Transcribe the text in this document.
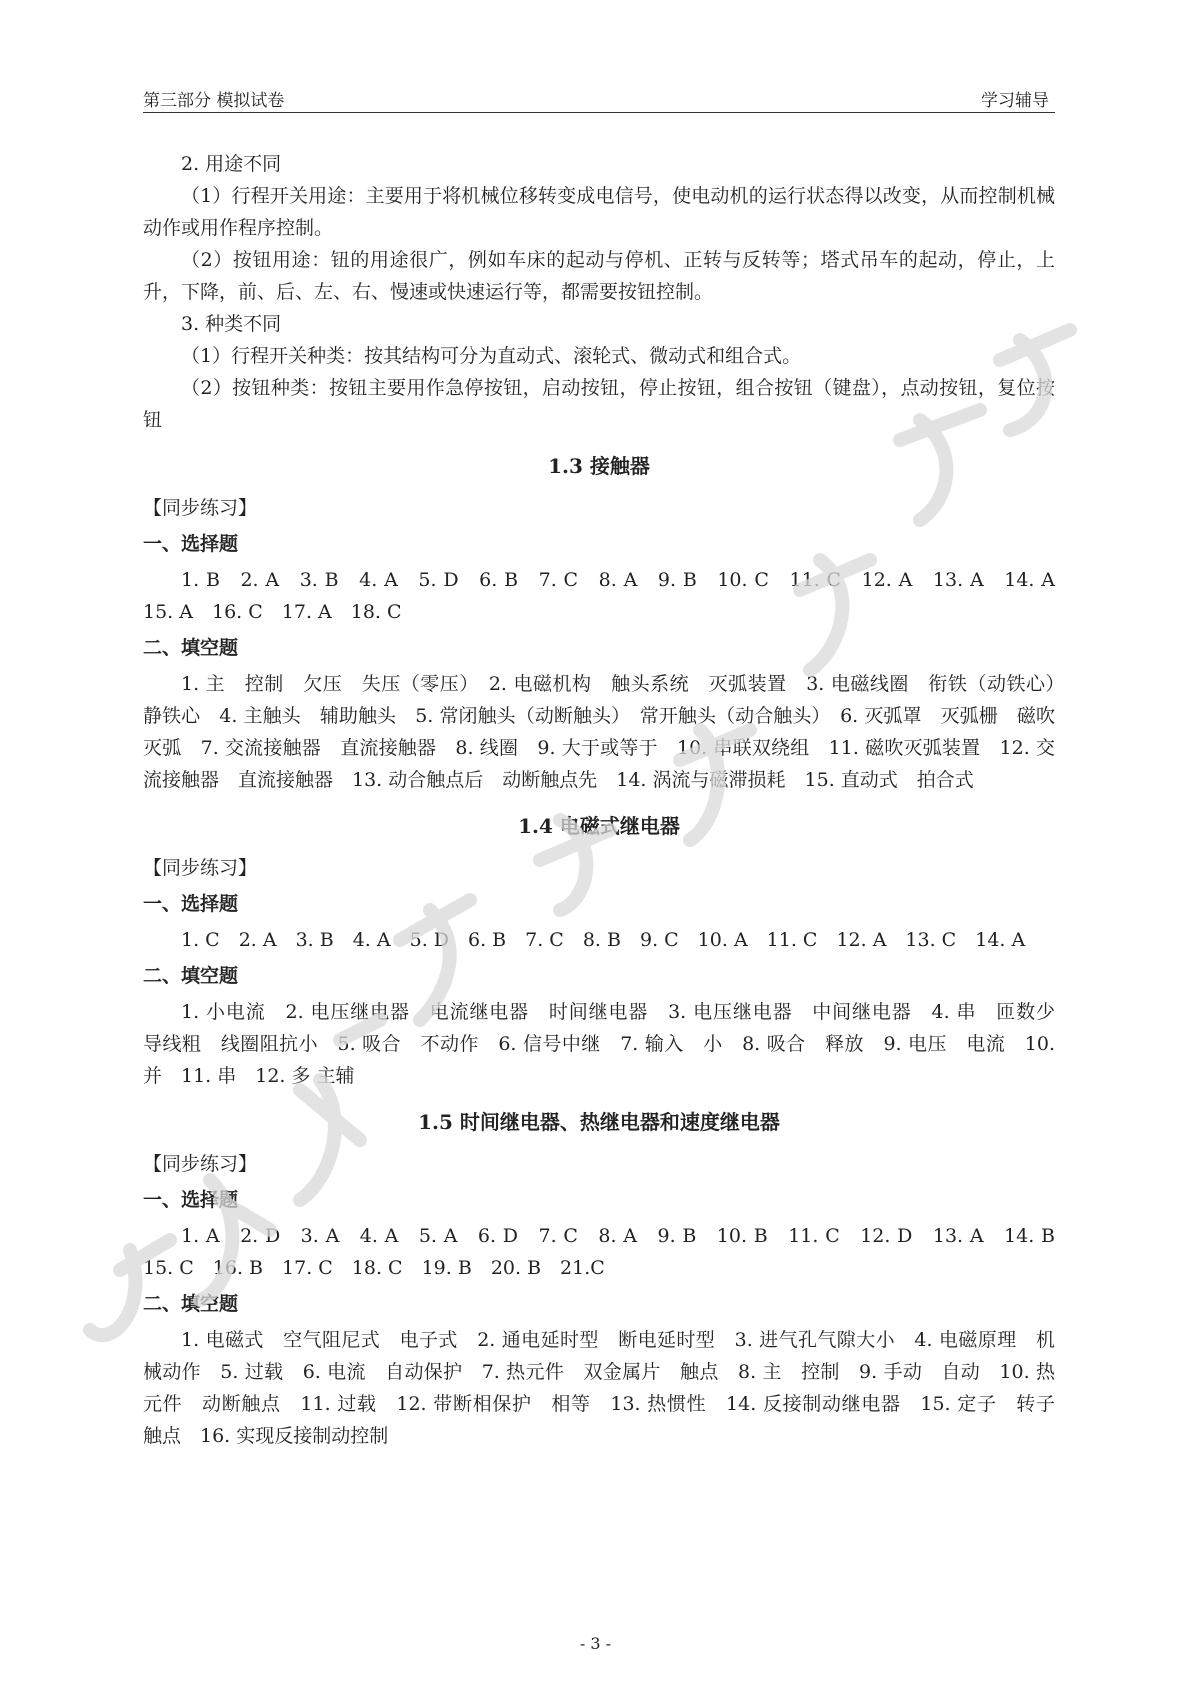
第三部分 模拟试卷	学习辅导

2. 用途不同

（1）行程开关用途：主要用于将机械位移转变成电信号，使电动机的运行状态得以改变，从而控制机械动作或用作程序控制。

（2）按钮用途：钮的用途很广，例如车床的起动与停机、正转与反转等；塔式吊车的起动，停止，上升，下降，前、后、左、右、慢速或快速运行等，都需要按钮控制。

3. 种类不同

（1）行程开关种类：按其结构可分为直动式、滚轮式、微动式和组合式。

（2）按钮种类：按钮主要用作急停按钮，启动按钮，停止按钮，组合按钮（键盘），点动按钮，复位按钮

1.3 接触器

【同步练习】

一、选择题

1. B　2. A　3. B　4. A　5. D　6. B　7. C　8. A　9. B　10. C　11. C　12. A　13. A　14. A　15. A　16. C　17. A　18. C

二、填空题

1. 主　控制　欠压　失压（零压）　2. 电磁机构　触头系统　灭弧装置　3. 电磁线圈　衔铁（动铁心）　静铁心　4. 主触头　辅助触头　5. 常闭触头（动断触头）　常开触头（动合触头）　6. 灭弧罩　灭弧栅　磁吹灭弧　7. 交流接触器　直流接触器　8. 线圈　9. 大于或等于　10. 串联双绕组　11. 磁吹灭弧装置　12. 交流接触器　直流接触器　13. 动合触点后　动断触点先　14. 涡流与磁滞损耗　15. 直动式　拍合式

1.4 电磁式继电器

【同步练习】

一、选择题

1. C　2. A　3. B　4. A　5. D　6. B　7. C　8. B　9. C　10. A　11. C　12. A　13. C　14. A

二、填空题

1. 小电流　2. 电压继电器　电流继电器　时间继电器　3. 电压继电器　中间继电器　4. 串　匝数少　导线粗　线圈阻抗小　5. 吸合　不动作　6. 信号中继　7. 输入　小　8. 吸合　释放　9. 电压　电流　10. 并　11. 串　12. 多 主辅

1.5 时间继电器、热继电器和速度继电器

【同步练习】

一、选择题

1. A　2. D　3. A　4. A　5. A　6. D　7. C　8. A　9. B　10. B　11. C　12. D　13. A　14. B　15. C　16. B　17. C　18. C　19. B　20. B　21.C

二、填空题

1. 电磁式　空气阻尼式　电子式　2. 通电延时型　断电延时型　3. 进气孔气隙大小　4. 电磁原理　机械动作　5. 过载　6. 电流　自动保护　7. 热元件　双金属片　触点　8. 主　控制　9. 手动　自动　10. 热元件　动断触点　11. 过载　12. 带断相保护　相等　13. 热惯性　14. 反接制动继电器　15. 定子　转子　触点　16. 实现反接制动控制

- 3 -
